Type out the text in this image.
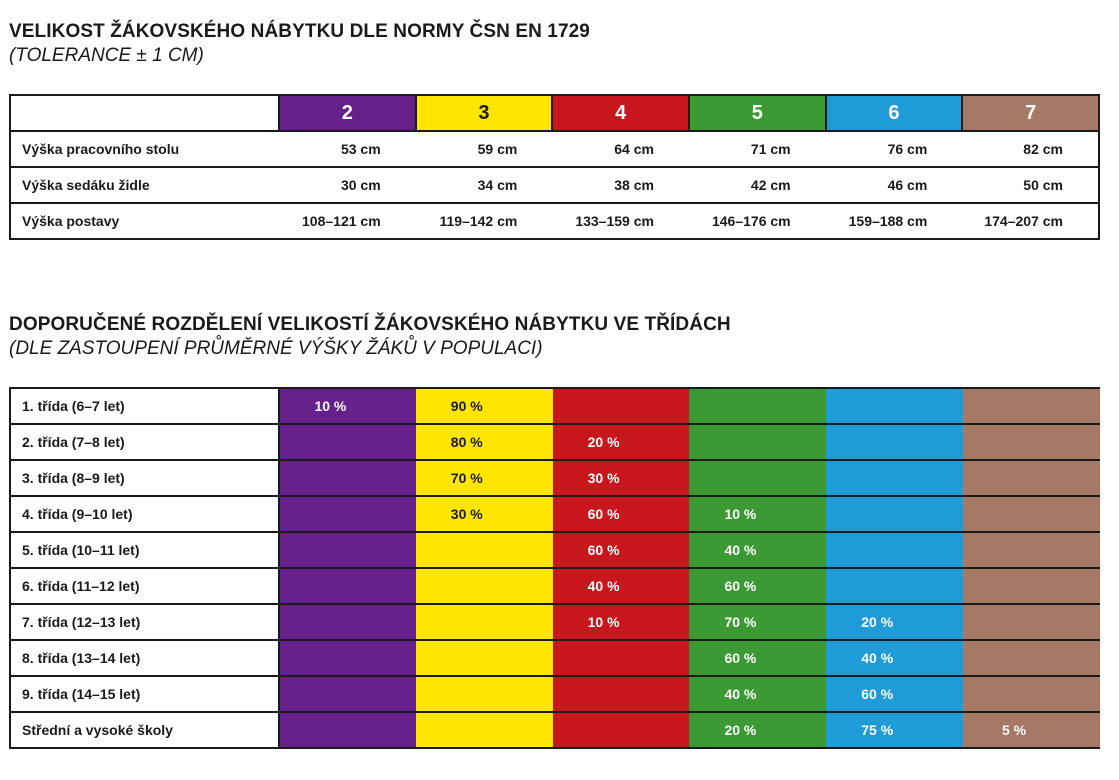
VELIKOST ŽÁKOVSKÉHO NÁBYTKU DLE NORMY ČSN EN 1729
(TOLERANCE ± 1 CM)
	2	3	4	5	6	7
Výška pracovního stolu	53 cm	59 cm	64 cm	71 cm	76 cm	82 cm
Výška sedáku židle	30 cm	34 cm	38 cm	42 cm	46 cm	50 cm
Výška postavy	108–121 cm	119–142 cm	133–159 cm	146–176 cm	159–188 cm	174–207 cm
DOPORUČENÉ ROZDĚLENÍ VELIKOSTÍ ŽÁKOVSKÉHO NÁBYTKU VE TŘÍDÁCH
(DLE ZASTOUPENÍ PRŮMĚRNÉ VÝŠKY ŽÁKŮ V POPULACI)
1. třída (6–7 let)	10 %	90 %				
2. třída (7–8 let)		80 %	20 %			
3. třída (8–9 let)		70 %	30 %			
4. třída (9–10 let)		30 %	60 %	10 %		
5. třída (10–11 let)			60 %	40 %		
6. třída (11–12 let)			40 %	60 %		
7. třída (12–13 let)			10 %	70 %	20 %	
8. třída (13–14 let)				60 %	40 %	
9. třída (14–15 let)				40 %	60 %	
Střední a vysoké školy				20 %	75 %	5 %
